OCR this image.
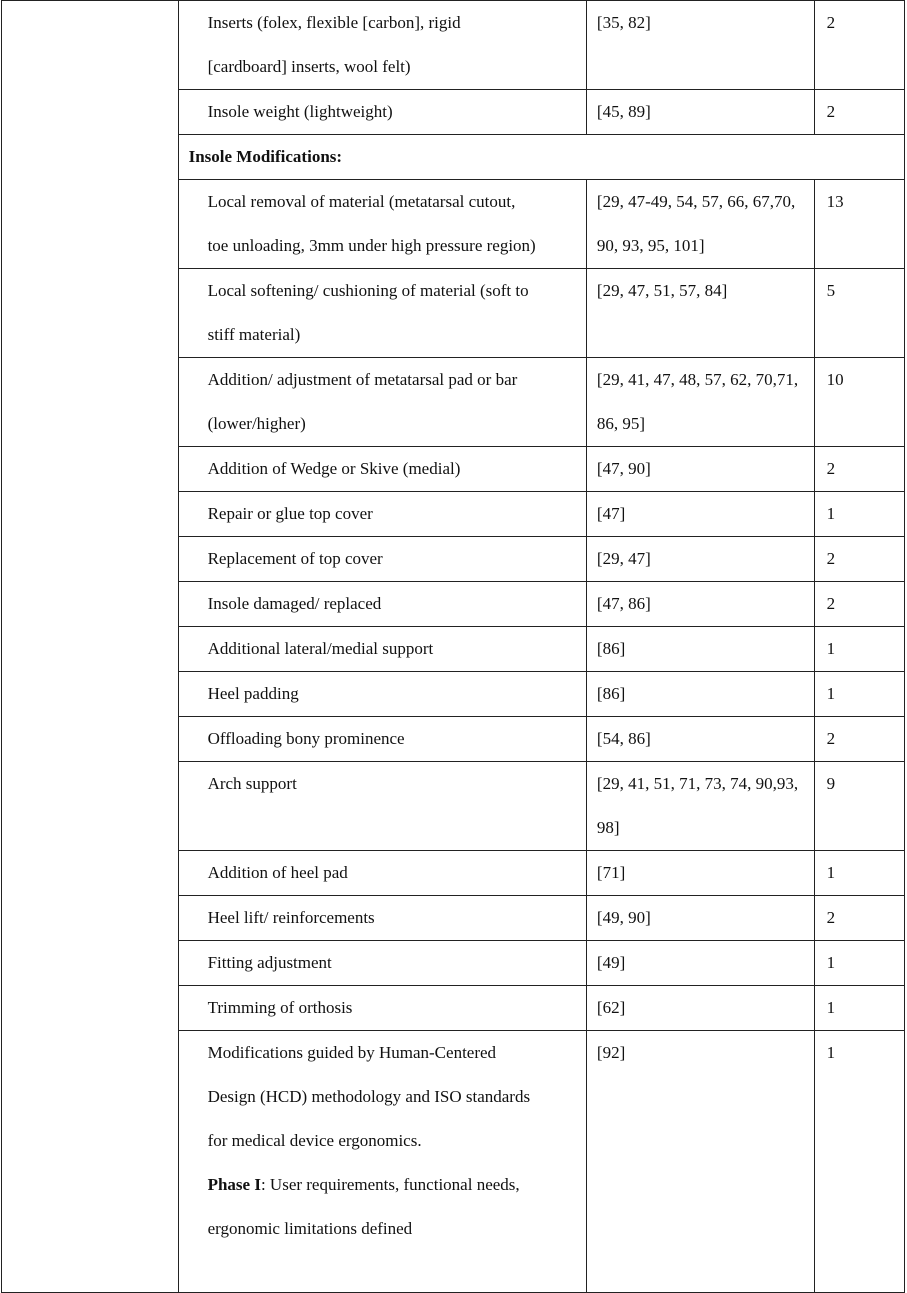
	Inserts (folex, flexible [carbon], rigid
[cardboard] inserts, wool felt)	[35, 82]	2

	Insole weight (lightweight)	[45, 89]	2
	Insole Modifications:		

	Local removal of material (metatarsal cutout,
toe unloading, 3mm under high pressure region)	[29, 47-49, 54, 57, 66, 67,70, 90, 93, 95, 101]	13

	Local softening/ cushioning of material (soft to
stiff material)	[29, 47, 51, 57, 84]	5

	Addition/ adjustment of metatarsal pad or bar
(lower/higher)	[29, 41, 47, 48, 57, 62, 70,71, 86, 95]	10

	Addition of Wedge or Skive (medial)	[47, 90]	2

	Repair or glue top cover	[47]	1

	Replacement of top cover	[29, 47]	2

	Insole damaged/ replaced	[47, 86]	2

	Additional lateral/medial support	[86]	1

	Heel padding	[86]	1

	Offloading bony prominence	[54, 86]	2

	Arch support	[29, 41, 51, 71, 73, 74, 90,93, 98]	9

	Addition of heel pad	[71]	1

	Heel lift/ reinforcements	[49, 90]	2

	Fitting adjustment	[49]	1

	Trimming of orthosis	[62]	1

	Modifications guided by Human-Centered
Design (HCD) methodology and ISO standards
for medical device ergonomics.
Phase I: User requirements, functional needs,
ergonomic limitations defined	[92]	1
